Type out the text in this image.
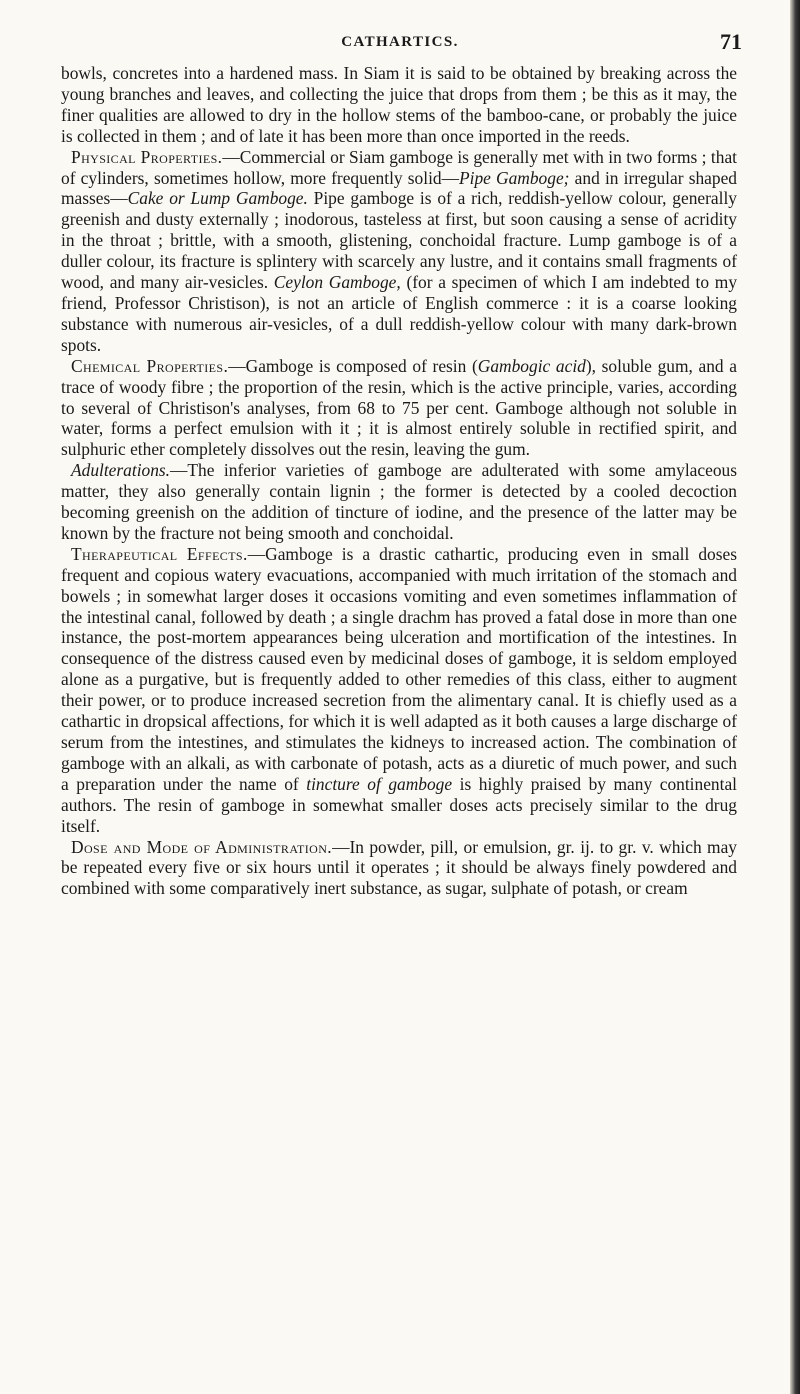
CATHARTICS.	71

bowls, concretes into a hardened mass. In Siam it is said to be obtained by breaking across the young branches and leaves, and collecting the juice that drops from them ; be this as it may, the finer qualities are allowed to dry in the hollow stems of the bamboo-cane, or probably the juice is collected in them ; and of late it has been more than once imported in the reeds.

Physical Properties.—Commercial or Siam gamboge is generally met with in two forms ; that of cylinders, sometimes hollow, more frequently solid—Pipe Gamboge; and in irregular shaped masses—Cake or Lump Gamboge. Pipe gamboge is of a rich, reddish-yellow colour, generally greenish and dusty externally ; inodorous, tasteless at first, but soon causing a sense of acridity in the throat ; brittle, with a smooth, glistening, conchoidal fracture. Lump gamboge is of a duller colour, its fracture is splintery with scarcely any lustre, and it contains small fragments of wood, and many air-vesicles. Ceylon Gamboge, (for a specimen of which I am indebted to my friend, Professor Christison), is not an article of English commerce : it is a coarse looking substance with numerous air-vesicles, of a dull reddish-yellow colour with many dark-brown spots.

Chemical Properties.—Gamboge is composed of resin (Gambogic acid), soluble gum, and a trace of woody fibre ; the proportion of the resin, which is the active principle, varies, according to several of Christison's analyses, from 68 to 75 per cent. Gamboge although not soluble in water, forms a perfect emulsion with it ; it is almost entirely soluble in rectified spirit, and sulphuric ether completely dissolves out the resin, leaving the gum.

Adulterations.—The inferior varieties of gamboge are adulterated with some amylaceous matter, they also generally contain lignin ; the former is detected by a cooled decoction becoming greenish on the addition of tincture of iodine, and the presence of the latter may be known by the fracture not being smooth and conchoidal.

Therapeutical Effects.—Gamboge is a drastic cathartic, producing even in small doses frequent and copious watery evacuations, accompanied with much irritation of the stomach and bowels ; in somewhat larger doses it occasions vomiting and even sometimes inflammation of the intestinal canal, followed by death ; a single drachm has proved a fatal dose in more than one instance, the post-mortem appearances being ulceration and mortification of the intestines. In consequence of the distress caused even by medicinal doses of gamboge, it is seldom employed alone as a purgative, but is frequently added to other remedies of this class, either to augment their power, or to produce increased secretion from the alimentary canal. It is chiefly used as a cathartic in dropsical affections, for which it is well adapted as it both causes a large discharge of serum from the intestines, and stimulates the kidneys to increased action. The combination of gamboge with an alkali, as with carbonate of potash, acts as a diuretic of much power, and such a preparation under the name of tincture of gamboge is highly praised by many continental authors. The resin of gamboge in somewhat smaller doses acts precisely similar to the drug itself.

Dose and Mode of Administration.—In powder, pill, or emulsion, gr. ij. to gr. v. which may be repeated every five or six hours until it operates ; it should be always finely powdered and combined with some comparatively inert substance, as sugar, sulphate of potash, or cream
